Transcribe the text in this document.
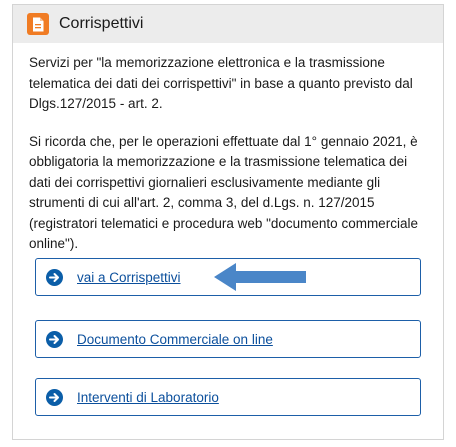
Corrispettivi

Servizi per "la memorizzazione elettronica e la trasmissione telematica dei dati dei corrispettivi" in base a quanto previsto dal Dlgs.127/2015 - art. 2.

Si ricorda che, per le operazioni effettuate dal 1° gennaio 2021, è obbligatoria la memorizzazione e la trasmissione telematica dei dati dei corrispettivi giornalieri esclusivamente mediante gli strumenti di cui all'art. 2, comma 3, del d.Lgs. n. 127/2015 (registratori telematici e procedura web "documento commerciale online").

vai a Corrispettivi
Documento Commerciale on line
Interventi di Laboratorio
